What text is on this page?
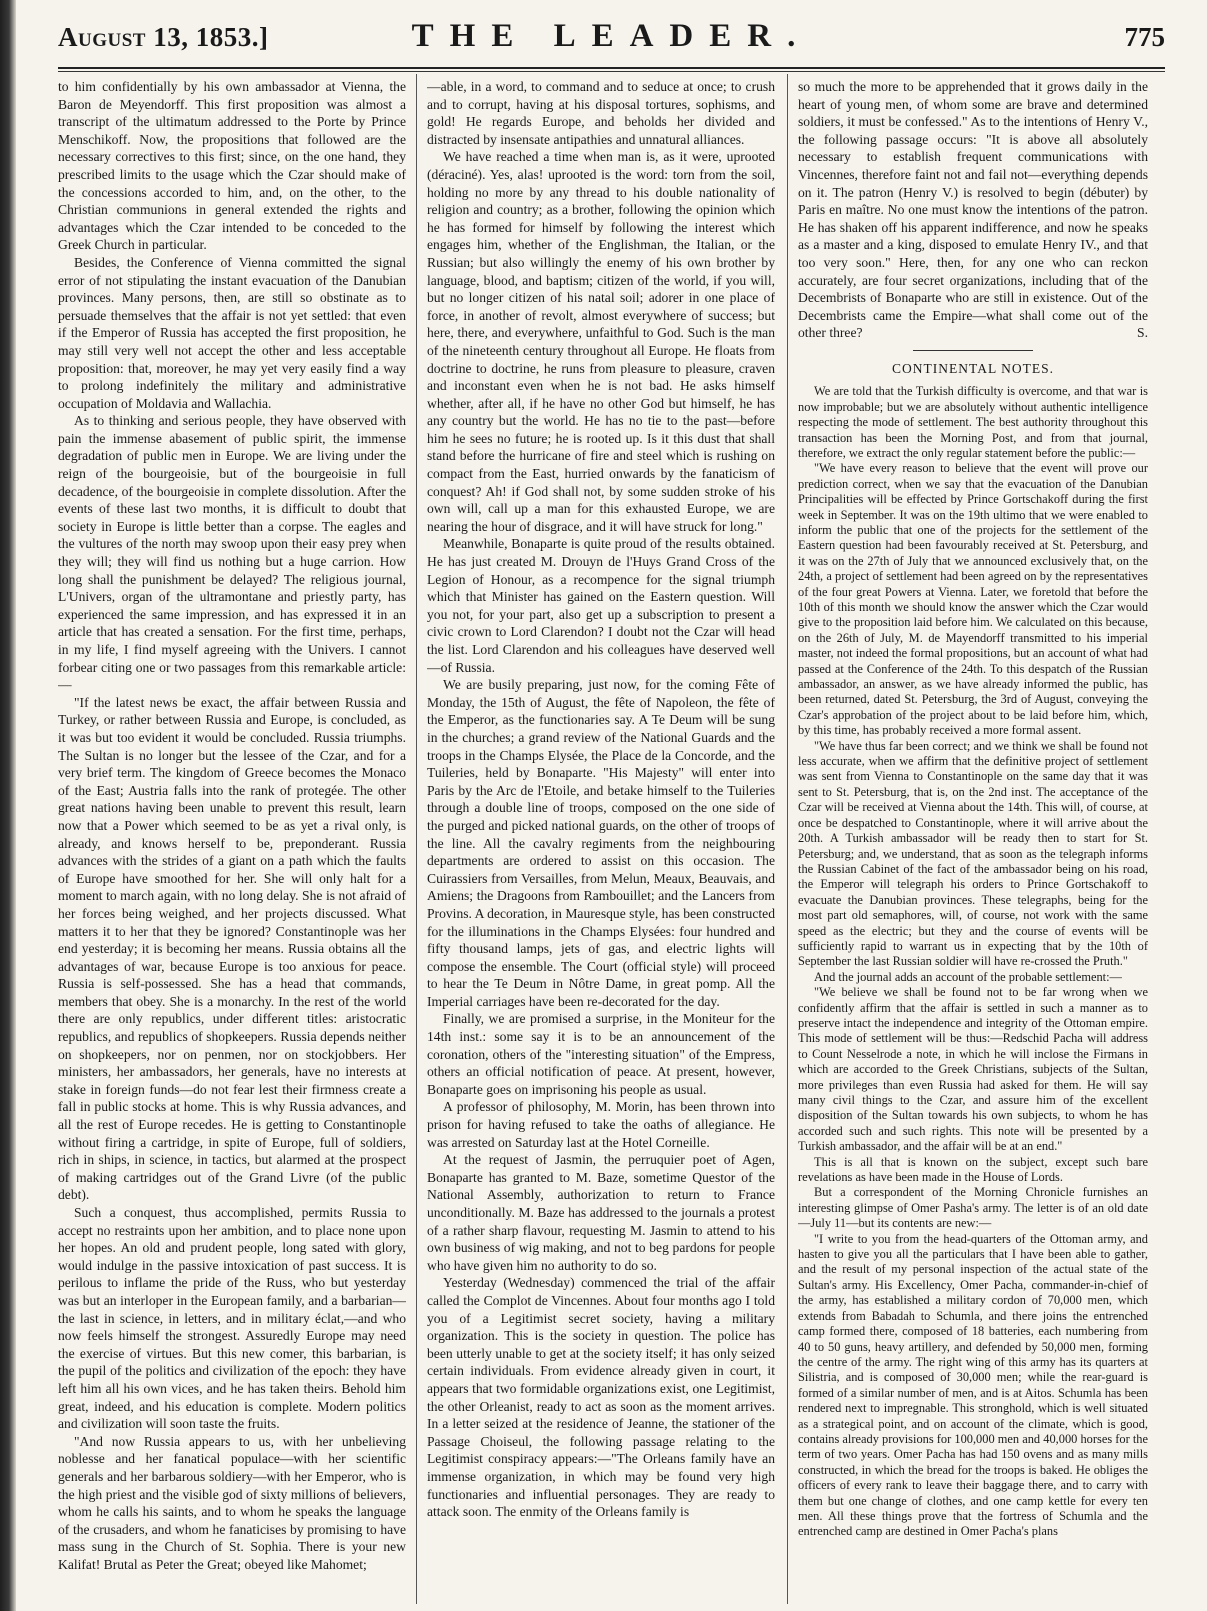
August 13, 1853.]	THE LEADER.	775

to him confidentially by his own ambassador at Vienna, the Baron de Meyendorff. This first proposition was almost a transcript of the ultimatum addressed to the Porte by Prince Menschikoff. Now, the propositions that followed are the necessary correctives to this first; since, on the one hand, they prescribed limits to the usage which the Czar should make of the concessions accorded to him, and, on the other, to the Christian communions in general extended the rights and advantages which the Czar intended to be conceded to the Greek Church in particular.

Besides, the Conference of Vienna committed the signal error of not stipulating the instant evacuation of the Danubian provinces. Many persons, then, are still so obstinate as to persuade themselves that the affair is not yet settled: that even if the Emperor of Russia has accepted the first proposition, he may still very well not accept the other and less acceptable proposition: that, moreover, he may yet very easily find a way to prolong indefinitely the military and administrative occupation of Moldavia and Wallachia.

As to thinking and serious people, they have observed with pain the immense abasement of public spirit, the immense degradation of public men in Europe. We are living under the reign of the bourgeoisie, but of the bourgeoisie in full decadence, of the bourgeoisie in complete dissolution. After the events of these last two months, it is difficult to doubt that society in Europe is little better than a corpse. The eagles and the vultures of the north may swoop upon their easy prey when they will; they will find us nothing but a huge carrion. How long shall the punishment be delayed? The religious journal, L'Univers, organ of the ultramontane and priestly party, has experienced the same impression, and has expressed it in an article that has created a sensation. For the first time, perhaps, in my life, I find myself agreeing with the Univers. I cannot forbear citing one or two passages from this remarkable article:—

"If the latest news be exact, the affair between Russia and Turkey, or rather between Russia and Europe, is concluded, as it was but too evident it would be concluded. Russia triumphs. The Sultan is no longer but the lessee of the Czar, and for a very brief term. The kingdom of Greece becomes the Monaco of the East; Austria falls into the rank of protegée. The other great nations having been unable to prevent this result, learn now that a Power which seemed to be as yet a rival only, is already, and knows herself to be, preponderant. Russia advances with the strides of a giant on a path which the faults of Europe have smoothed for her. She will only halt for a moment to march again, with no long delay. She is not afraid of her forces being weighed, and her projects discussed. What matters it to her that they be ignored? Constantinople was her end yesterday; it is becoming her means. Russia obtains all the advantages of war, because Europe is too anxious for peace. Russia is self-possessed. She has a head that commands, members that obey. She is a monarchy. In the rest of the world there are only republics, under different titles: aristocratic republics, and republics of shopkeepers. Russia depends neither on shopkeepers, nor on penmen, nor on stockjobbers. Her ministers, her ambassadors, her generals, have no interests at stake in foreign funds—do not fear lest their firmness create a fall in public stocks at home. This is why Russia advances, and all the rest of Europe recedes. He is getting to Constantinople without firing a cartridge, in spite of Europe, full of soldiers, rich in ships, in science, in tactics, but alarmed at the prospect of making cartridges out of the Grand Livre (of the public debt).

Such a conquest, thus accomplished, permits Russia to accept no restraints upon her ambition, and to place none upon her hopes. An old and prudent people, long sated with glory, would indulge in the passive intoxication of past success. It is perilous to inflame the pride of the Russ, who but yesterday was but an interloper in the European family, and a barbarian—the last in science, in letters, and in military éclat,—and who now feels himself the strongest. Assuredly Europe may need the exercise of virtues. But this new comer, this barbarian, is the pupil of the politics and civilization of the epoch: they have left him all his own vices, and he has taken theirs. Behold him great, indeed, and his education is complete. Modern politics and civilization will soon taste the fruits.

"And now Russia appears to us, with her unbelieving noblesse and her fanatical populace—with her scientific generals and her barbarous soldiery—with her Emperor, who is the high priest and the visible god of sixty millions of believers, whom he calls his saints, and to whom he speaks the language of the crusaders, and whom he fanaticises by promising to have mass sung in the Church of St. Sophia. There is your new Kalifat! Brutal as Peter the Great; obeyed like Mahomet;

—able, in a word, to command and to seduce at once; to crush and to corrupt, having at his disposal tortures, sophisms, and gold! He regards Europe, and beholds her divided and distracted by insensate antipathies and unnatural alliances.

We have reached a time when man is, as it were, uprooted (déraciné). Yes, alas! uprooted is the word: torn from the soil, holding no more by any thread to his double nationality of religion and country; as a brother, following the opinion which he has formed for himself by following the interest which engages him, whether of the Englishman, the Italian, or the Russian; but also willingly the enemy of his own brother by language, blood, and baptism; citizen of the world, if you will, but no longer citizen of his natal soil; adorer in one place of force, in another of revolt, almost everywhere of success; but here, there, and everywhere, unfaithful to God. Such is the man of the nineteenth century throughout all Europe. He floats from doctrine to doctrine, he runs from pleasure to pleasure, craven and inconstant even when he is not bad. He asks himself whether, after all, if he have no other God but himself, he has any country but the world. He has no tie to the past—before him he sees no future; he is rooted up. Is it this dust that shall stand before the hurricane of fire and steel which is rushing on compact from the East, hurried onwards by the fanaticism of conquest? Ah! if God shall not, by some sudden stroke of his own will, call up a man for this exhausted Europe, we are nearing the hour of disgrace, and it will have struck for long."

Meanwhile, Bonaparte is quite proud of the results obtained. He has just created M. Drouyn de l'Huys Grand Cross of the Legion of Honour, as a recompence for the signal triumph which that Minister has gained on the Eastern question. Will you not, for your part, also get up a subscription to present a civic crown to Lord Clarendon? I doubt not the Czar will head the list. Lord Clarendon and his colleagues have deserved well—of Russia.

We are busily preparing, just now, for the coming Fête of Monday, the 15th of August, the fête of Napoleon, the fête of the Emperor, as the functionaries say. A Te Deum will be sung in the churches; a grand review of the National Guards and the troops in the Champs Elysée, the Place de la Concorde, and the Tuileries, held by Bonaparte. "His Majesty" will enter into Paris by the Arc de l'Etoile, and betake himself to the Tuileries through a double line of troops, composed on the one side of the purged and picked national guards, on the other of troops of the line. All the cavalry regiments from the neighbouring departments are ordered to assist on this occasion. The Cuirassiers from Versailles, from Melun, Meaux, Beauvais, and Amiens; the Dragoons from Rambouillet; and the Lancers from Provins. A decoration, in Mauresque style, has been constructed for the illuminations in the Champs Elysées: four hundred and fifty thousand lamps, jets of gas, and electric lights will compose the ensemble. The Court (official style) will proceed to hear the Te Deum in Nôtre Dame, in great pomp. All the Imperial carriages have been re-decorated for the day.

Finally, we are promised a surprise, in the Moniteur for the 14th inst.: some say it is to be an announcement of the coronation, others of the "interesting situation" of the Empress, others an official notification of peace. At present, however, Bonaparte goes on imprisoning his people as usual.

A professor of philosophy, M. Morin, has been thrown into prison for having refused to take the oaths of allegiance. He was arrested on Saturday last at the Hotel Corneille.

At the request of Jasmin, the perruquier poet of Agen, Bonaparte has granted to M. Baze, sometime Questor of the National Assembly, authorization to return to France unconditionally. M. Baze has addressed to the journals a protest of a rather sharp flavour, requesting M. Jasmin to attend to his own business of wig making, and not to beg pardons for people who have given him no authority to do so.

Yesterday (Wednesday) commenced the trial of the affair called the Complot de Vincennes. About four months ago I told you of a Legitimist secret society, having a military organization. This is the society in question. The police has been utterly unable to get at the society itself; it has only seized certain individuals. From evidence already given in court, it appears that two formidable organizations exist, one Legitimist, the other Orleanist, ready to act as soon as the moment arrives. In a letter seized at the residence of Jeanne, the stationer of the Passage Choiseul, the following passage relating to the Legitimist conspiracy appears:—"The Orleans family have an immense organization, in which may be found very high functionaries and influential personages. They are ready to attack soon. The enmity of the Orleans family is

so much the more to be apprehended that it grows daily in the heart of young men, of whom some are brave and determined soldiers, it must be confessed." As to the intentions of Henry V., the following passage occurs: "It is above all absolutely necessary to establish frequent communications with Vincennes, therefore faint not and fail not—everything depends on it. The patron (Henry V.) is resolved to begin (débuter) by Paris en maître. No one must know the intentions of the patron. He has shaken off his apparent indifference, and now he speaks as a master and a king, disposed to emulate Henry IV., and that too very soon." Here, then, for any one who can reckon accurately, are four secret organizations, including that of the Decembrists of Bonaparte who are still in existence. Out of the Decembrists came the Empire—what shall come out of the other three?	S.

CONTINENTAL NOTES.

We are told that the Turkish difficulty is overcome, and that war is now improbable; but we are absolutely without authentic intelligence respecting the mode of settlement. The best authority throughout this transaction has been the Morning Post, and from that journal, therefore, we extract the only regular statement before the public:—

"We have every reason to believe that the event will prove our prediction correct, when we say that the evacuation of the Danubian Principalities will be effected by Prince Gortschakoff during the first week in September. It was on the 19th ultimo that we were enabled to inform the public that one of the projects for the settlement of the Eastern question had been favourably received at St. Petersburg, and it was on the 27th of July that we announced exclusively that, on the 24th, a project of settlement had been agreed on by the representatives of the four great Powers at Vienna. Later, we foretold that before the 10th of this month we should know the answer which the Czar would give to the proposition laid before him. We calculated on this because, on the 26th of July, M. de Mayendorff transmitted to his imperial master, not indeed the formal propositions, but an account of what had passed at the Conference of the 24th. To this despatch of the Russian ambassador, an answer, as we have already informed the public, has been returned, dated St. Petersburg, the 3rd of August, conveying the Czar's approbation of the project about to be laid before him, which, by this time, has probably received a more formal assent.

"We have thus far been correct; and we think we shall be found not less accurate, when we affirm that the definitive project of settlement was sent from Vienna to Constantinople on the same day that it was sent to St. Petersburg, that is, on the 2nd inst. The acceptance of the Czar will be received at Vienna about the 14th. This will, of course, at once be despatched to Constantinople, where it will arrive about the 20th. A Turkish ambassador will be ready then to start for St. Petersburg; and, we understand, that as soon as the telegraph informs the Russian Cabinet of the fact of the ambassador being on his road, the Emperor will telegraph his orders to Prince Gortschakoff to evacuate the Danubian provinces. These telegraphs, being for the most part old semaphores, will, of course, not work with the same speed as the electric; but they and the course of events will be sufficiently rapid to warrant us in expecting that by the 10th of September the last Russian soldier will have re-crossed the Pruth."

And the journal adds an account of the probable settlement:—

"We believe we shall be found not to be far wrong when we confidently affirm that the affair is settled in such a manner as to preserve intact the independence and integrity of the Ottoman empire. This mode of settlement will be thus:—Redschid Pacha will address to Count Nesselrode a note, in which he will inclose the Firmans in which are accorded to the Greek Christians, subjects of the Sultan, more privileges than even Russia had asked for them. He will say many civil things to the Czar, and assure him of the excellent disposition of the Sultan towards his own subjects, to whom he has accorded such and such rights. This note will be presented by a Turkish ambassador, and the affair will be at an end."

This is all that is known on the subject, except such bare revelations as have been made in the House of Lords.

But a correspondent of the Morning Chronicle furnishes an interesting glimpse of Omer Pasha's army. The letter is of an old date—July 11—but its contents are new:—

"I write to you from the head-quarters of the Ottoman army, and hasten to give you all the particulars that I have been able to gather, and the result of my personal inspection of the actual state of the Sultan's army. His Excellency, Omer Pacha, commander-in-chief of the army, has established a military cordon of 70,000 men, which extends from Babadah to Schumla, and there joins the entrenched camp formed there, composed of 18 batteries, each numbering from 40 to 50 guns, heavy artillery, and defended by 50,000 men, forming the centre of the army. The right wing of this army has its quarters at Silistria, and is composed of 30,000 men; while the rear-guard is formed of a similar number of men, and is at Aitos. Schumla has been rendered next to impregnable. This stronghold, which is well situated as a strategical point, and on account of the climate, which is good, contains already provisions for 100,000 men and 40,000 horses for the term of two years. Omer Pacha has had 150 ovens and as many mills constructed, in which the bread for the troops is baked. He obliges the officers of every rank to leave their baggage there, and to carry with them but one change of clothes, and one camp kettle for every ten men. All these things prove that the fortress of Schumla and the entrenched camp are destined in Omer Pacha's plans
